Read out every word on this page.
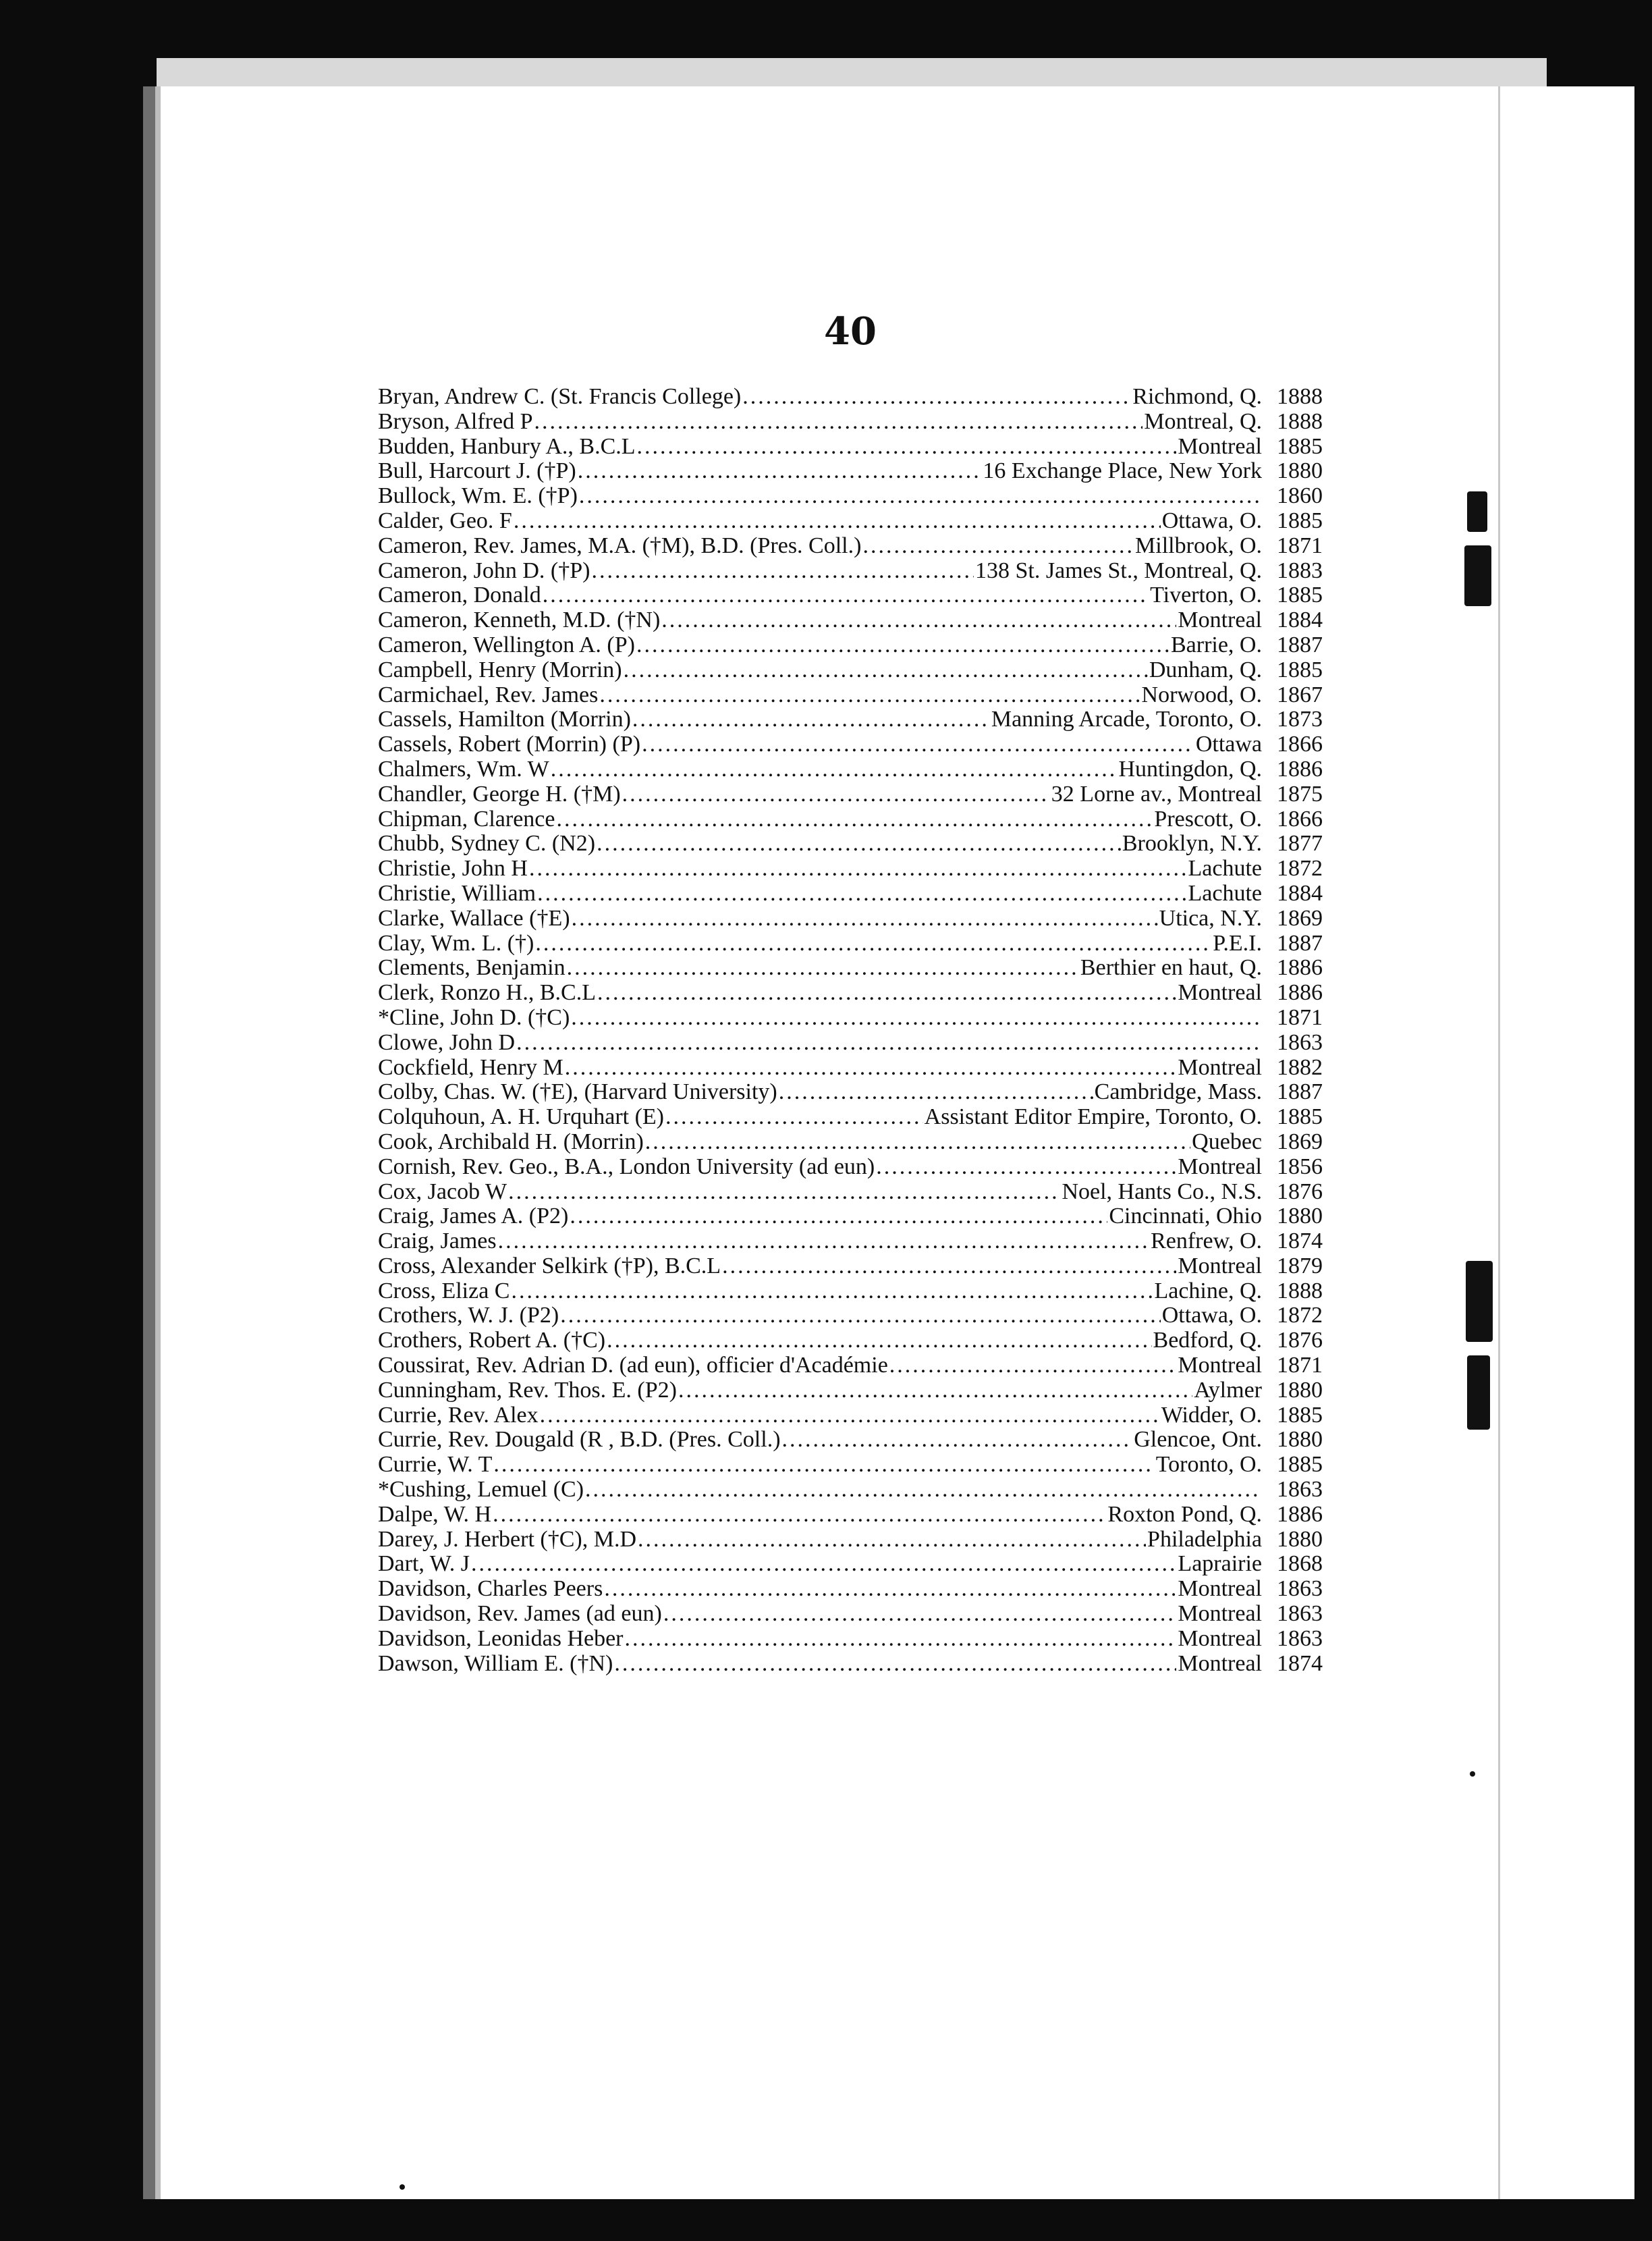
40
Bryan, Andrew C. (St. Francis College) .....	Richmond, Q. 1888
Bryson, Alfred P .....	Montreal, Q. 1888
Budden, Hanbury A., B.C.L .....	Montreal 1885
Bull, Harcourt J. (†P) .....	16 Exchange Place, New York 1880
Bullock, Wm. E. (†P) .....	1860
Calder, Geo. F .....	Ottawa, O. 1885
Cameron, Rev. James, M.A. (†M), B.D. (Pres. Coll.) .....	Millbrook, O. 1871
Cameron, John D. (†P) .....	138 St. James St., Montreal, Q. 1883
Cameron, Donald .....	Tiverton, O. 1885
Cameron, Kenneth, M.D. (†N) .....	Montreal 1884
Cameron, Wellington A. (P) .....	Barrie, O. 1887
Campbell, Henry (Morrin) .....	Dunham, Q. 1885
Carmichael, Rev. James .....	Norwood, O. 1867
Cassels, Hamilton (Morrin) .....	Manning Arcade, Toronto, O. 1873
Cassels, Robert (Morrin) (P) .....	Ottawa 1866
Chalmers, Wm. W .....	Huntingdon, Q. 1886
Chandler, George H. (†M) .....	32 Lorne av., Montreal 1875
Chipman, Clarence .....	Prescott, O. 1866
Chubb, Sydney C. (N2) .....	Brooklyn, N.Y. 1877
Christie, John H .....	Lachute 1872
Christie, William .....	Lachute 1884
Clarke, Wallace (†E) .....	Utica, N.Y. 1869
Clay, Wm. L. (†) .....	P.E.I. 1887
Clements, Benjamin .....	Berthier en haut, Q. 1886
Clerk, Ronzo H., B.C.L .....	Montreal 1886
*Cline, John D. (†C) .....	1871
Clowe, John D .....	1863
Cockfield, Henry M .....	Montreal 1882
Colby, Chas. W. (†E), (Harvard University) .....	Cambridge, Mass. 1887
Colquhoun, A. H. Urquhart (E) .....	Assistant Editor Empire, Toronto, O. 1885
Cook, Archibald H. (Morrin) .....	Quebec 1869
Cornish, Rev. Geo., B.A., London University (ad eun) .....	Montreal 1856
Cox, Jacob W .....	Noel, Hants Co., N.S. 1876
Craig, James A. (P2) .....	Cincinnati, Ohio 1880
Craig, James .....	Renfrew, O. 1874
Cross, Alexander Selkirk (†P), B.C.L .....	Montreal 1879
Cross, Eliza C .....	Lachine, Q. 1888
Crothers, W. J. (P2) .....	Ottawa, O. 1872
Crothers, Robert A. (†C) .....	Bedford, Q. 1876
Coussirat, Rev. Adrian D. (ad eun), officier d'Académie .....	Montreal 1871
Cunningham, Rev. Thos. E. (P2) .....	Aylmer 1880
Currie, Rev. Alex .....	Widder, O. 1885
Currie, Rev. Dougald (R , B.D. (Pres. Coll.) .....	Glencoe, Ont. 1880
Currie, W. T .....	Toronto, O. 1885
*Cushing, Lemuel (C) .....	1863
Dalpe, W. H .....	Roxton Pond, Q. 1886
Darey, J. Herbert (†C), M.D .....	Philadelphia 1880
Dart, W. J .....	Laprairie 1868
Davidson, Charles Peers .....	Montreal 1863
Davidson, Rev. James (ad eun) .....	Montreal 1863
Davidson, Leonidas Heber .....	Montreal 1863
Dawson, William E. (†N) .....	Montreal 1874
